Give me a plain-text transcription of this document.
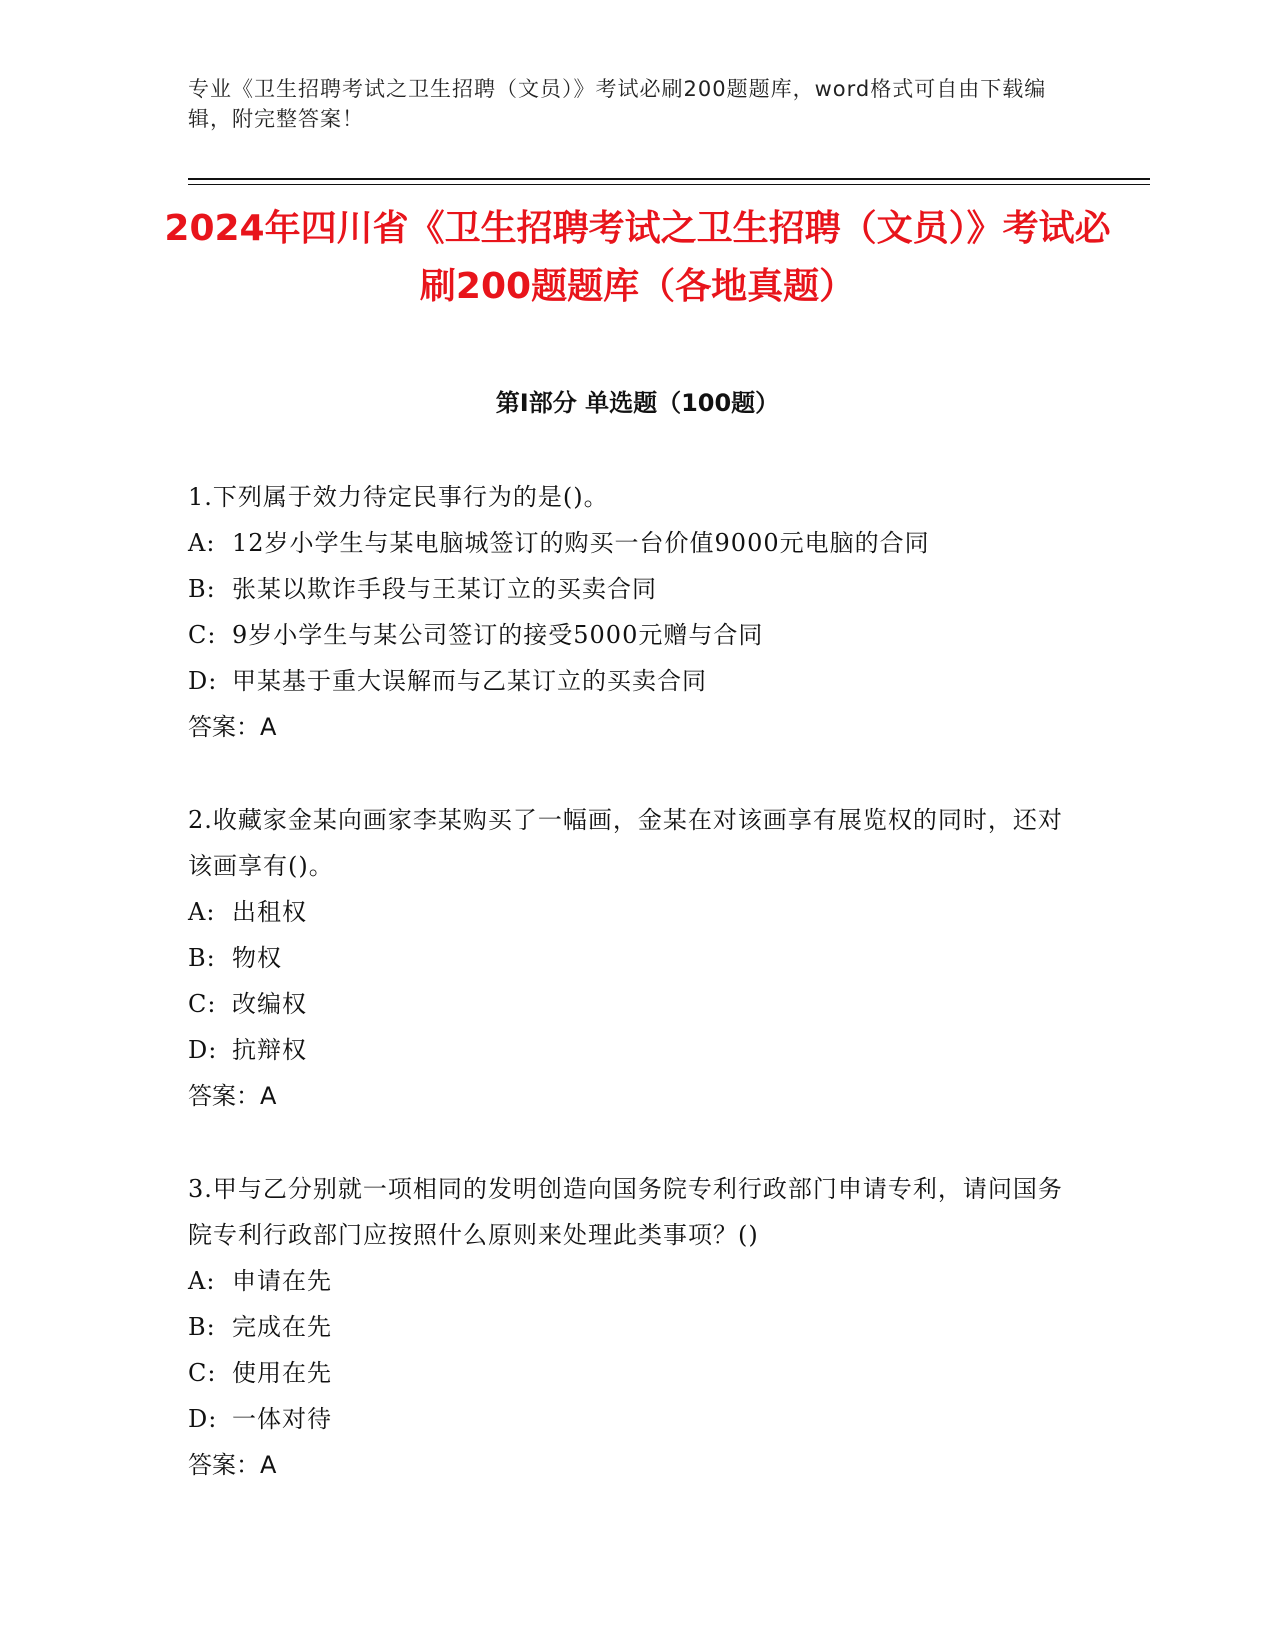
专业《卫生招聘考试之卫生招聘（文员）》考试必刷200题题库，word格式可自由下载编辑，附完整答案！
2024年四川省《卫生招聘考试之卫生招聘（文员）》考试必刷200题题库（各地真题）
第Ⅰ部分 单选题（100题）
1.下列属于效力待定民事行为的是()。
A: 12岁小学生与某电脑城签订的购买一台价值9000元电脑的合同
B: 张某以欺诈手段与王某订立的买卖合同
C: 9岁小学生与某公司签订的接受5000元赠与合同
D: 甲某基于重大误解而与乙某订立的买卖合同
答案：A
2.收藏家金某向画家李某购买了一幅画，金某在对该画享有展览权的同时，还对该画享有()。
A: 出租权
B: 物权
C: 改编权
D: 抗辩权
答案：A
3.甲与乙分别就一项相同的发明创造向国务院专利行政部门申请专利，请问国务院专利行政部门应按照什么原则来处理此类事项？()
A: 申请在先
B: 完成在先
C: 使用在先
D: 一体对待
答案：A
